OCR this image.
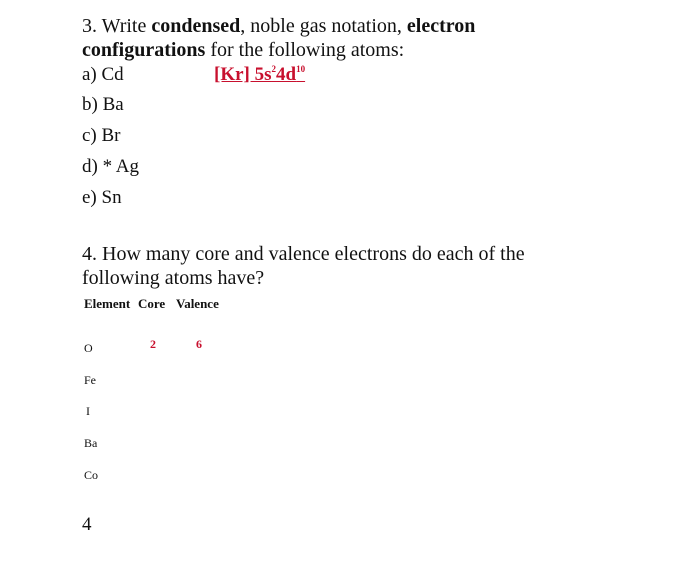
3. Write condensed, noble gas notation, electron
configurations for the following atoms:
a) Cd	[Kr] $5s^24d^{10}$
b) Ba
c) Br
d) * Ag
e) Sn
4. How many core and valence electrons do each of the
following atoms have?
Element Core Valence
O	2	6
Fe
I
Ba
Co
4
